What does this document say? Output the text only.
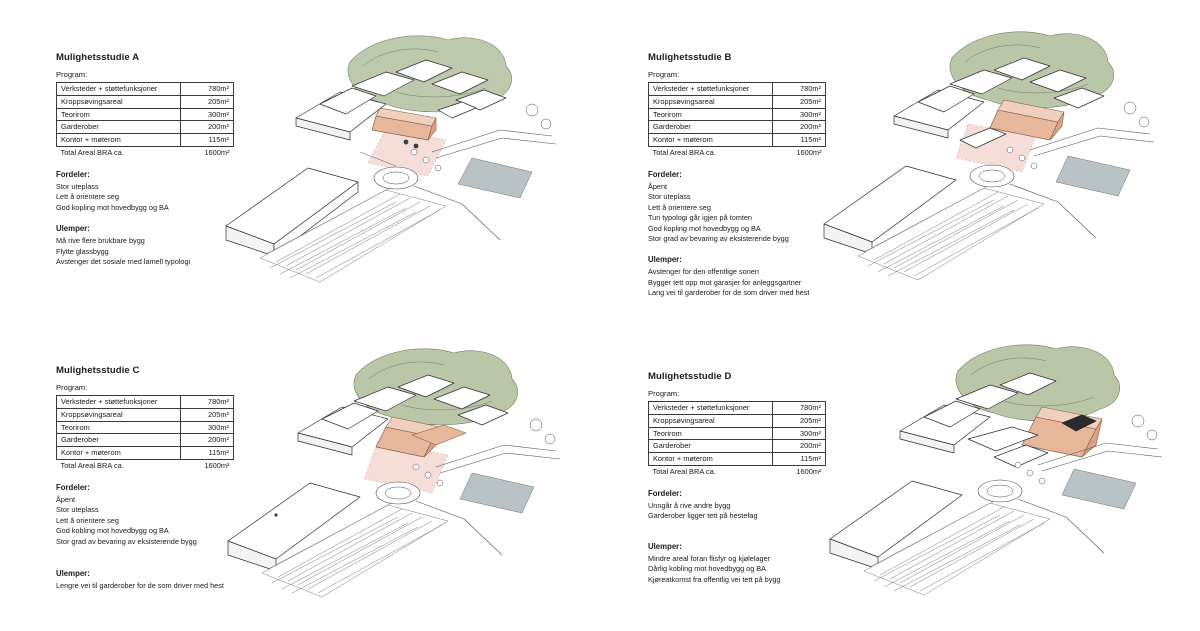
Mulighetsstudie A
Program:
Verksteder + støttefunksjoner	780m²
Kroppsøvingsareal	205m²
Teorirom	300m²
Garderober	200m²
Kontor + møterom	115m²
Total Areal BRA ca.	1600m²
Fordeler:
Stor uteplass
Lett å orientere seg
God kopling mot hovedbygg og BA
Ulemper:
Må rive flere brukbare bygg
Flytte glassbygg
Avstenger det sosiale med lamell typologi
Mulighetsstudie B
Program:
Verksteder + støttefunksjoner	780m²
Kroppsøvingsareal	205m²
Teorirom	300m²
Garderober	200m²
Kontor + møterom	115m²
Total Areal BRA ca.	1600m²
Fordeler:
Åpent
Stor uteplass
Lett å orientere seg
Tun typologi går igjen på tomten
God kopling mot hovedbygg og BA
Stor grad av bevaring av eksisterende bygg
Ulemper:
Avstenger for den offentlige sonen
Bygger tett opp mot garasjer for anleggsgartner
Lang vei til garderober for de som driver med hest
Mulighetsstudie C
Program:
Verksteder + støttefunksjoner	780m²
Kroppsøvingsareal	205m²
Teorirom	300m²
Garderober	200m²
Kontor + møterom	115m²
Total Areal BRA ca.	1600m²
Fordeler:
Åpent
Stor uteplass
Lett å orientere seg
God kobling mot hovedbygg og BA
Stor grad av bevaring av eksisterende bygg
Ulemper:
Lengre vei til garderober for de som driver med hest
Mulighetsstudie D
Program:
Verksteder + støttefunksjoner	780m²
Kroppsøvingsareal	205m²
Teorirom	300m²
Garderober	200m²
Kontor + møterom	115m²
Total Areal BRA ca.	1600m²
Fordeler:
Unngår å rive andre bygg
Garderober ligger tett på hestefag
Ulemper:
Mindre areal foran flisfyr og kjølelager
Dårlig kobling mot hovedbygg og BA
Kjøreatkomst fra offentlig vei tett på bygg
